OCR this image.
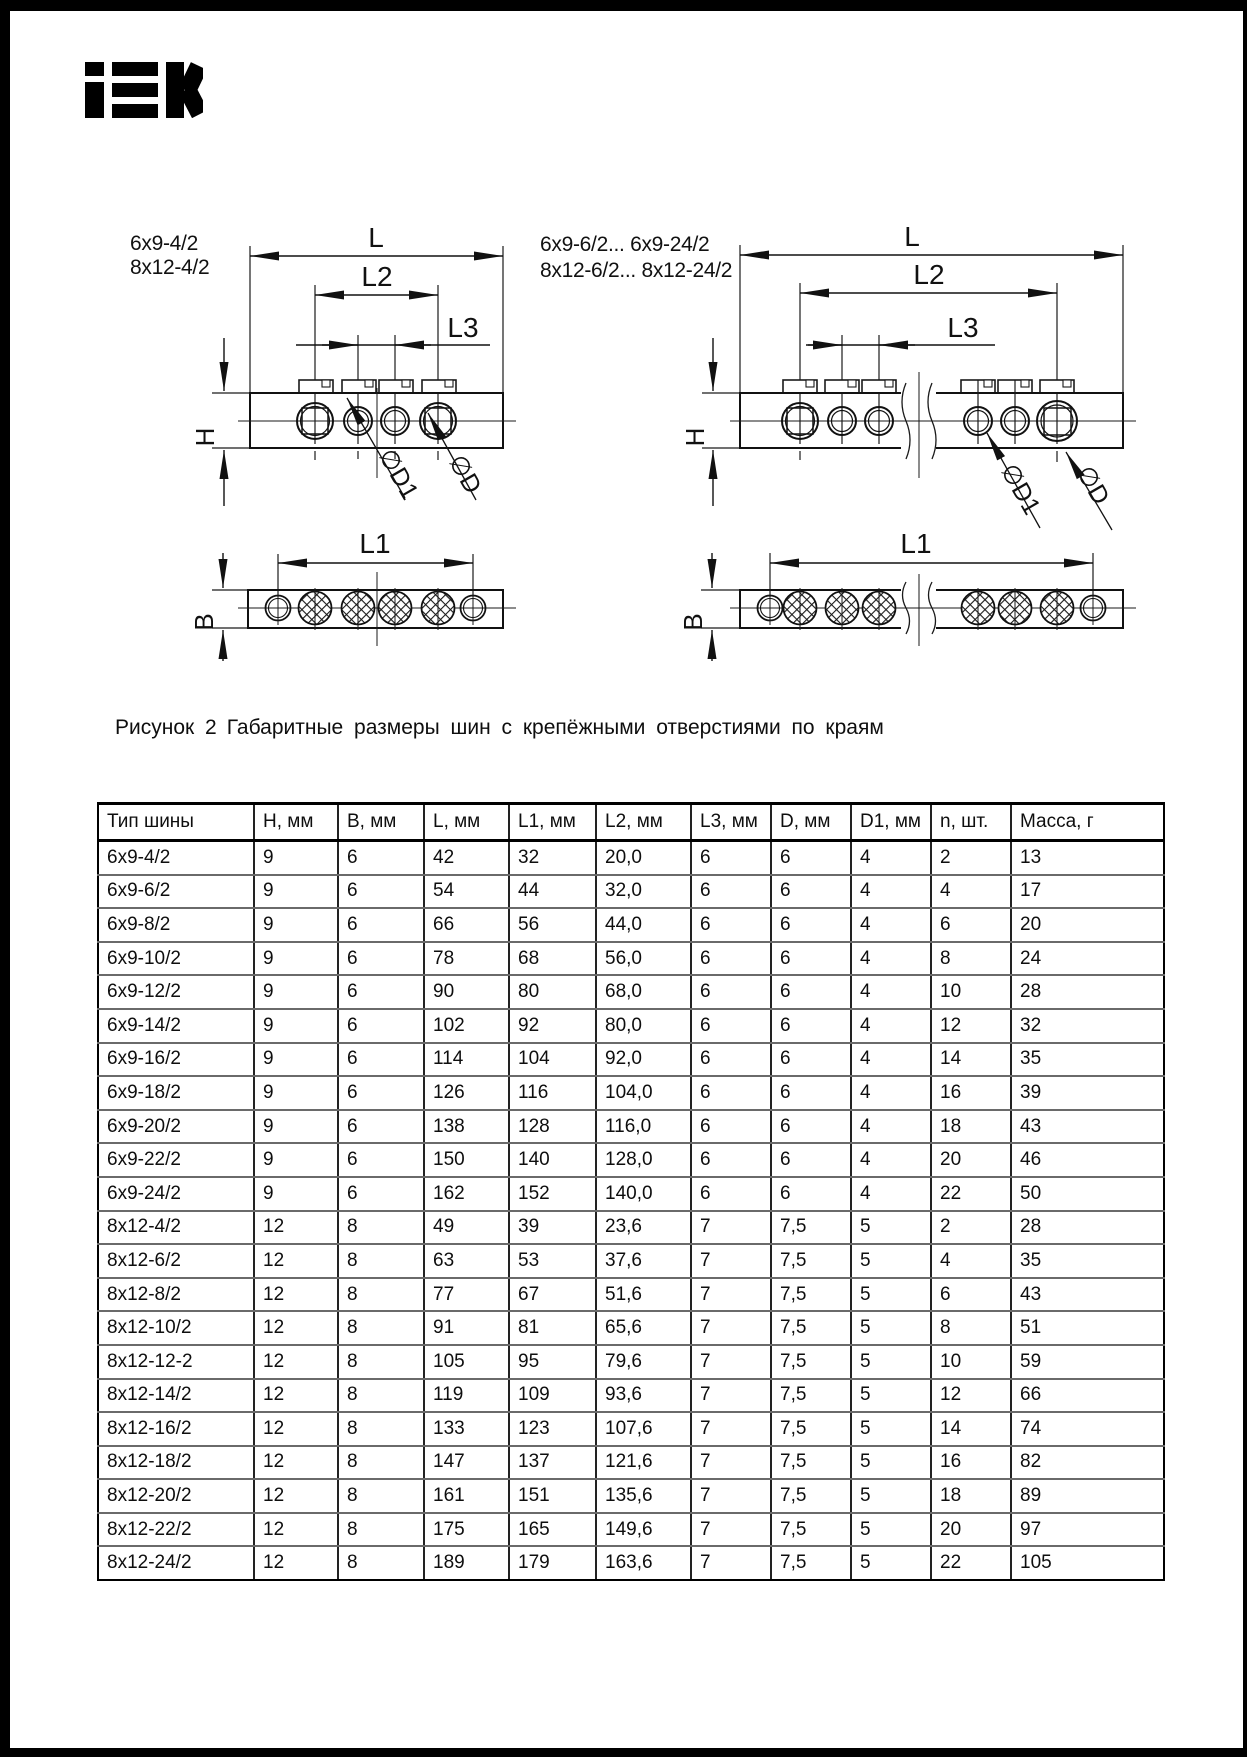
6х9-4/2
8х12-4/2
L
L2
L3
H
L1
B
∅D1 ∅D
6х9-6/2... 6х9-24/2
8х12-6/2... 8х12-24/2
L
L2
L3
H
L1
B
∅D1 ∅D
Рисунок 2 Габаритные размеры шин с крепёжными отверстиями по краям
Тип шины	H, мм	B, мм	L, мм	L1, мм	L2, мм	L3, мм	D, мм	D1, мм	n, шт.	Масса, г
6х9-4/2	9	6	42	32	20,0	6	6	4	2	13
6х9-6/2	9	6	54	44	32,0	6	6	4	4	17
6х9-8/2	9	6	66	56	44,0	6	6	4	6	20
6х9-10/2	9	6	78	68	56,0	6	6	4	8	24
6х9-12/2	9	6	90	80	68,0	6	6	4	10	28
6х9-14/2	9	6	102	92	80,0	6	6	4	12	32
6х9-16/2	9	6	114	104	92,0	6	6	4	14	35
6х9-18/2	9	6	126	116	104,0	6	6	4	16	39
6х9-20/2	9	6	138	128	116,0	6	6	4	18	43
6х9-22/2	9	6	150	140	128,0	6	6	4	20	46
6х9-24/2	9	6	162	152	140,0	6	6	4	22	50
8х12-4/2	12	8	49	39	23,6	7	7,5	5	2	28
8х12-6/2	12	8	63	53	37,6	7	7,5	5	4	35
8х12-8/2	12	8	77	67	51,6	7	7,5	5	6	43
8х12-10/2	12	8	91	81	65,6	7	7,5	5	8	51
8х12-12-2	12	8	105	95	79,6	7	7,5	5	10	59
8х12-14/2	12	8	119	109	93,6	7	7,5	5	12	66
8х12-16/2	12	8	133	123	107,6	7	7,5	5	14	74
8х12-18/2	12	8	147	137	121,6	7	7,5	5	16	82
8х12-20/2	12	8	161	151	135,6	7	7,5	5	18	89
8х12-22/2	12	8	175	165	149,6	7	7,5	5	20	97
8х12-24/2	12	8	189	179	163,6	7	7,5	5	22	105
